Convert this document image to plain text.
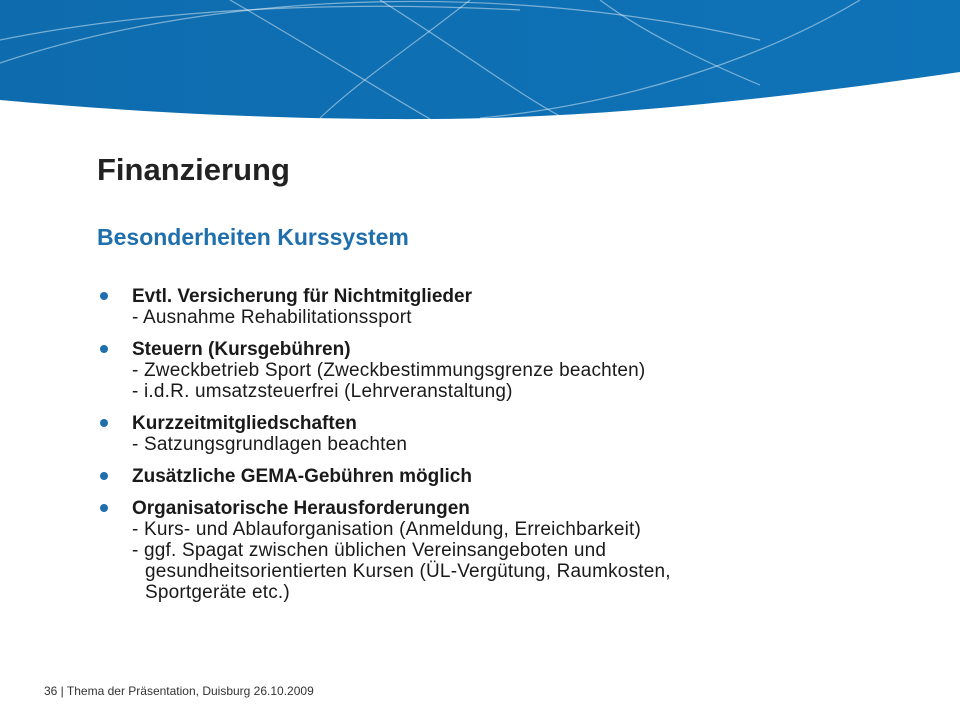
Finanzierung
Besonderheiten Kurssystem
Evtl. Versicherung für Nichtmitglieder
- Ausnahme Rehabilitationssport
Steuern (Kursgebühren)
- Zweckbetrieb Sport (Zweckbestimmungsgrenze beachten)
- i.d.R. umsatzsteuerfrei (Lehrveranstaltung)
Kurzzeitmitgliedschaften
- Satzungsgrundlagen beachten
Zusätzliche GEMA-Gebühren möglich
Organisatorische Herausforderungen
- Kurs- und Ablauforganisation (Anmeldung, Erreichbarkeit)
- ggf. Spagat zwischen üblichen Vereinsangeboten und
gesundheitsorientierten Kursen (ÜL-Vergütung, Raumkosten,
Sportgeräte etc.)
36 | Thema der Präsentation, Duisburg 26.10.2009
